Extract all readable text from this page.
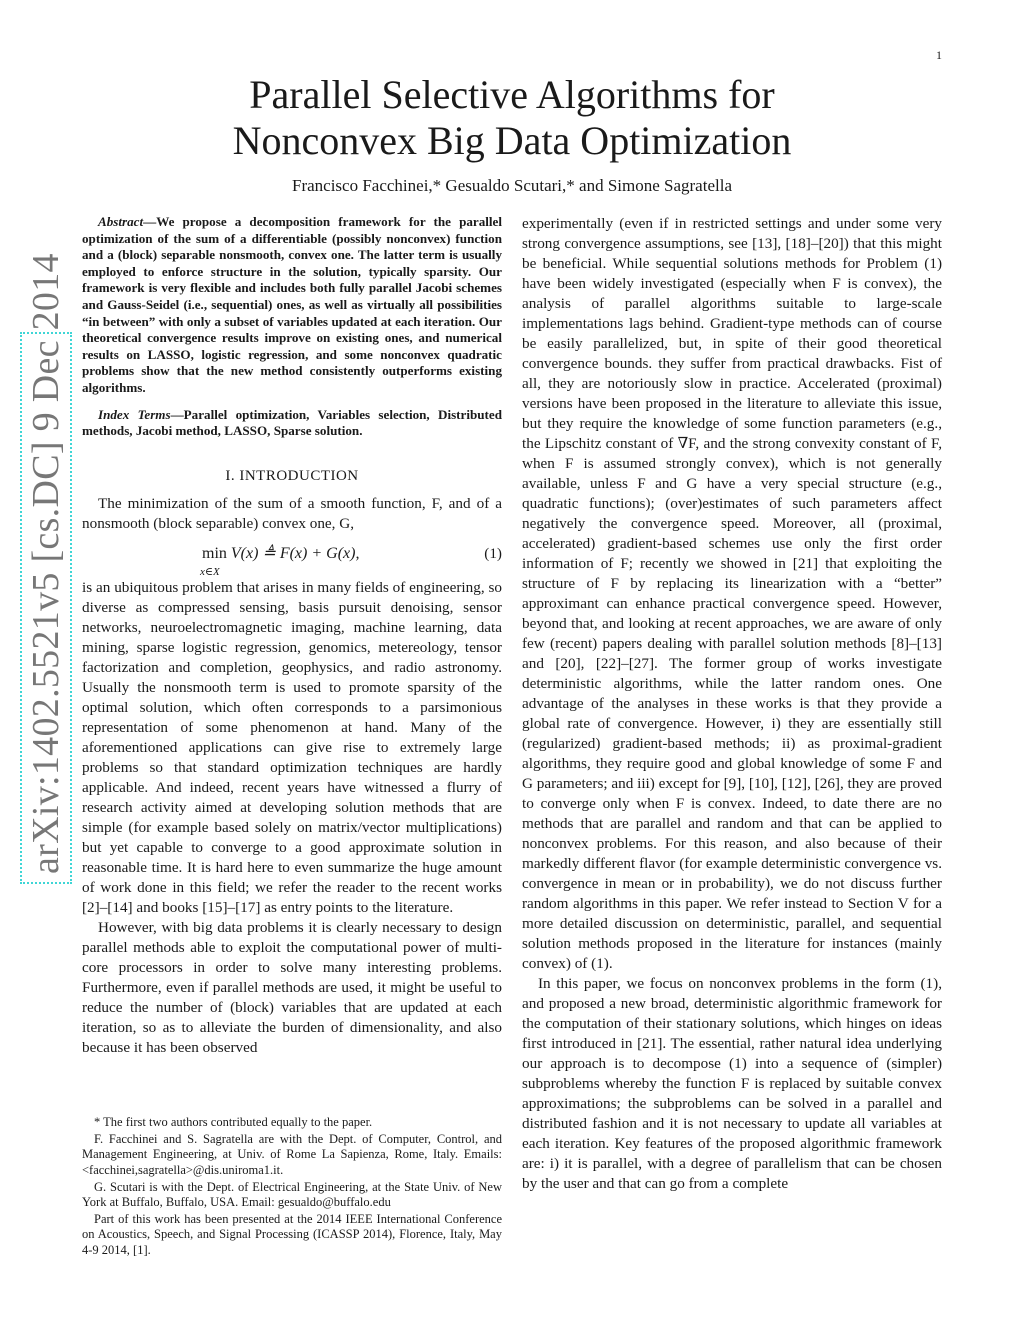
1
arXiv:1402.5521v5 [cs.DC] 9 Dec 2014
Parallel Selective Algorithms for
Nonconvex Big Data Optimization
Francisco Facchinei,* Gesualdo Scutari,* and Simone Sagratella

Abstract—We propose a decomposition framework for the parallel optimization of the sum of a differentiable (possibly nonconvex) function and a (block) separable nonsmooth, convex one. The latter term is usually employed to enforce structure in the solution, typically sparsity. Our framework is very flexible and includes both fully parallel Jacobi schemes and Gauss-Seidel (i.e., sequential) ones, as well as virtually all possibilities “in between” with only a subset of variables updated at each iteration. Our theoretical convergence results improve on existing ones, and numerical results on LASSO, logistic regression, and some nonconvex quadratic problems show that the new method consistently outperforms existing algorithms.

Index Terms—Parallel optimization, Variables selection, Distributed methods, Jacobi method, LASSO, Sparse solution.

I. INTRODUCTION

The minimization of the sum of a smooth function, F, and of a nonsmooth (block separable) convex one, G,

min V(x) ≜ F(x) + G(x),
x∈X
(1)

is an ubiquitous problem that arises in many fields of engineering, so diverse as compressed sensing, basis pursuit denoising, sensor networks, neuroelectromagnetic imaging, machine learning, data mining, sparse logistic regression, genomics, metereology, tensor factorization and completion, geophysics, and radio astronomy. Usually the nonsmooth term is used to promote sparsity of the optimal solution, which often corresponds to a parsimonious representation of some phenomenon at hand. Many of the aforementioned applications can give rise to extremely large problems so that standard optimization techniques are hardly applicable. And indeed, recent years have witnessed a flurry of research activity aimed at developing solution methods that are simple (for example based solely on matrix/vector multiplications) but yet capable to converge to a good approximate solution in reasonable time. It is hard here to even summarize the huge amount of work done in this field; we refer the reader to the recent works [2]–[14] and books [15]–[17] as entry points to the literature.

However, with big data problems it is clearly necessary to design parallel methods able to exploit the computational power of multi-core processors in order to solve many interesting problems. Furthermore, even if parallel methods are used, it might be useful to reduce the number of (block) variables that are updated at each iteration, so as to alleviate the burden of dimensionality, and also because it has been observed

* The first two authors contributed equally to the paper.

F. Facchinei and S. Sagratella are with the Dept. of Computer, Control, and Management Engineering, at Univ. of Rome La Sapienza, Rome, Italy. Emails: <facchinei,sagratella>@dis.uniroma1.it.

G. Scutari is with the Dept. of Electrical Engineering, at the State Univ. of New York at Buffalo, Buffalo, USA. Email: gesualdo@buffalo.edu

Part of this work has been presented at the 2014 IEEE International Conference on Acoustics, Speech, and Signal Processing (ICASSP 2014), Florence, Italy, May 4-9 2014, [1].

experimentally (even if in restricted settings and under some very strong convergence assumptions, see [13], [18]–[20]) that this might be beneficial. While sequential solutions methods for Problem (1) have been widely investigated (especially when F is convex), the analysis of parallel algorithms suitable to large-scale implementations lags behind. Gradient-type methods can of course be easily parallelized, but, in spite of their good theoretical convergence bounds. they suffer from practical drawbacks. Fist of all, they are notoriously slow in practice. Accelerated (proximal) versions have been proposed in the literature to alleviate this issue, but they require the knowledge of some function parameters (e.g., the Lipschitz constant of ∇F, and the strong convexity constant of F, when F is assumed strongly convex), which is not generally available, unless F and G have a very special structure (e.g., quadratic functions); (over)estimates of such parameters affect negatively the convergence speed. Moreover, all (proximal, accelerated) gradient-based schemes use only the first order information of F; recently we showed in [21] that exploiting the structure of F by replacing its linearization with a “better” approximant can enhance practical convergence speed. However, beyond that, and looking at recent approaches, we are aware of only few (recent) papers dealing with parallel solution methods [8]–[13] and [20], [22]–[27]. The former group of works investigate deterministic algorithms, while the latter random ones. One advantage of the analyses in these works is that they provide a global rate of convergence. However, i) they are essentially still (regularized) gradient-based methods; ii) as proximal-gradient algorithms, they require good and global knowledge of some F and G parameters; and iii) except for [9], [10], [12], [26], they are proved to converge only when F is convex. Indeed, to date there are no methods that are parallel and random and that can be applied to nonconvex problems. For this reason, and also because of their markedly different flavor (for example deterministic convergence vs. convergence in mean or in probability), we do not discuss further random algorithms in this paper. We refer instead to Section V for a more detailed discussion on deterministic, parallel, and sequential solution methods proposed in the literature for instances (mainly convex) of (1).

In this paper, we focus on nonconvex problems in the form (1), and proposed a new broad, deterministic algorithmic framework for the computation of their stationary solutions, which hinges on ideas first introduced in [21]. The essential, rather natural idea underlying our approach is to decompose (1) into a sequence of (simpler) subproblems whereby the function F is replaced by suitable convex approximations; the subproblems can be solved in a parallel and distributed fashion and it is not necessary to update all variables at each iteration. Key features of the proposed algorithmic framework are: i) it is parallel, with a degree of parallelism that can be chosen by the user and that can go from a complete
